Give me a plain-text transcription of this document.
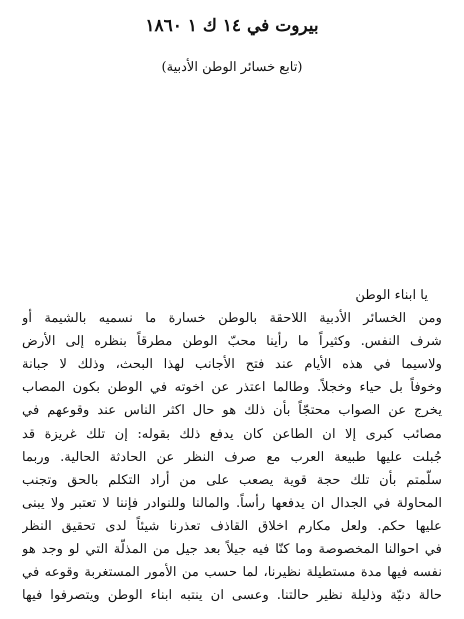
بيروت في ١٤ ك ١ ١٨٦٠
(تابع خسائر الوطن الأدبية)
يا ابناء الوطن
ومن الخسائر الأدبية اللاحقة بالوطن خسارة ما نسميه بالشيمة أو
شرف النفس. وكثيراً ما رأينا محبّ الوطن مطرقاً بنظره إلى الأرض
ولاسيما في هذه الأيام عند فتح الأجانب لهذا البحث، وذلك لا جبانة
وخوفاً بل حياء وخجلاً. وطالما اعتذر عن اخوته في الوطن بكون المصاب
يخرج عن الصواب محتجّاً بأن ذلك هو حال اكثر الناس عند وقوعهم في
مصائب كبرى إلا ان الطاعن كان يدفع ذلك بقوله: إن تلك غريزة قد
جُبلت عليها طبيعة العرب مع صرف النظر عن الحادثة الحالية. وربما
سلّمتم بأن تلك حجة قوية يصعب على من أراد التكلم بالحق وتجنب
المحاولة في الجدال ان يدفعها رأساً. والمالنا وللنوادر فإننا لا تعتبر ولا يبنى
عليها حكم. ولعل مكارم اخلاق القاذف تعذرنا شيئاً لدى تحقيق النظر
في احوالنا المخصوصة وما كنّا فيه جيلاً بعد جيل من المذلّة التي لو وجد هو
نفسه فيها مدة مستطيلة نظيرنا، لما حسب من الأمور المستغربة وقوعه في
حالة دنيّة وذليلة نظير حالتنا. وعسى ان ينتبه ابناء الوطن ويتصرفوا فيها
